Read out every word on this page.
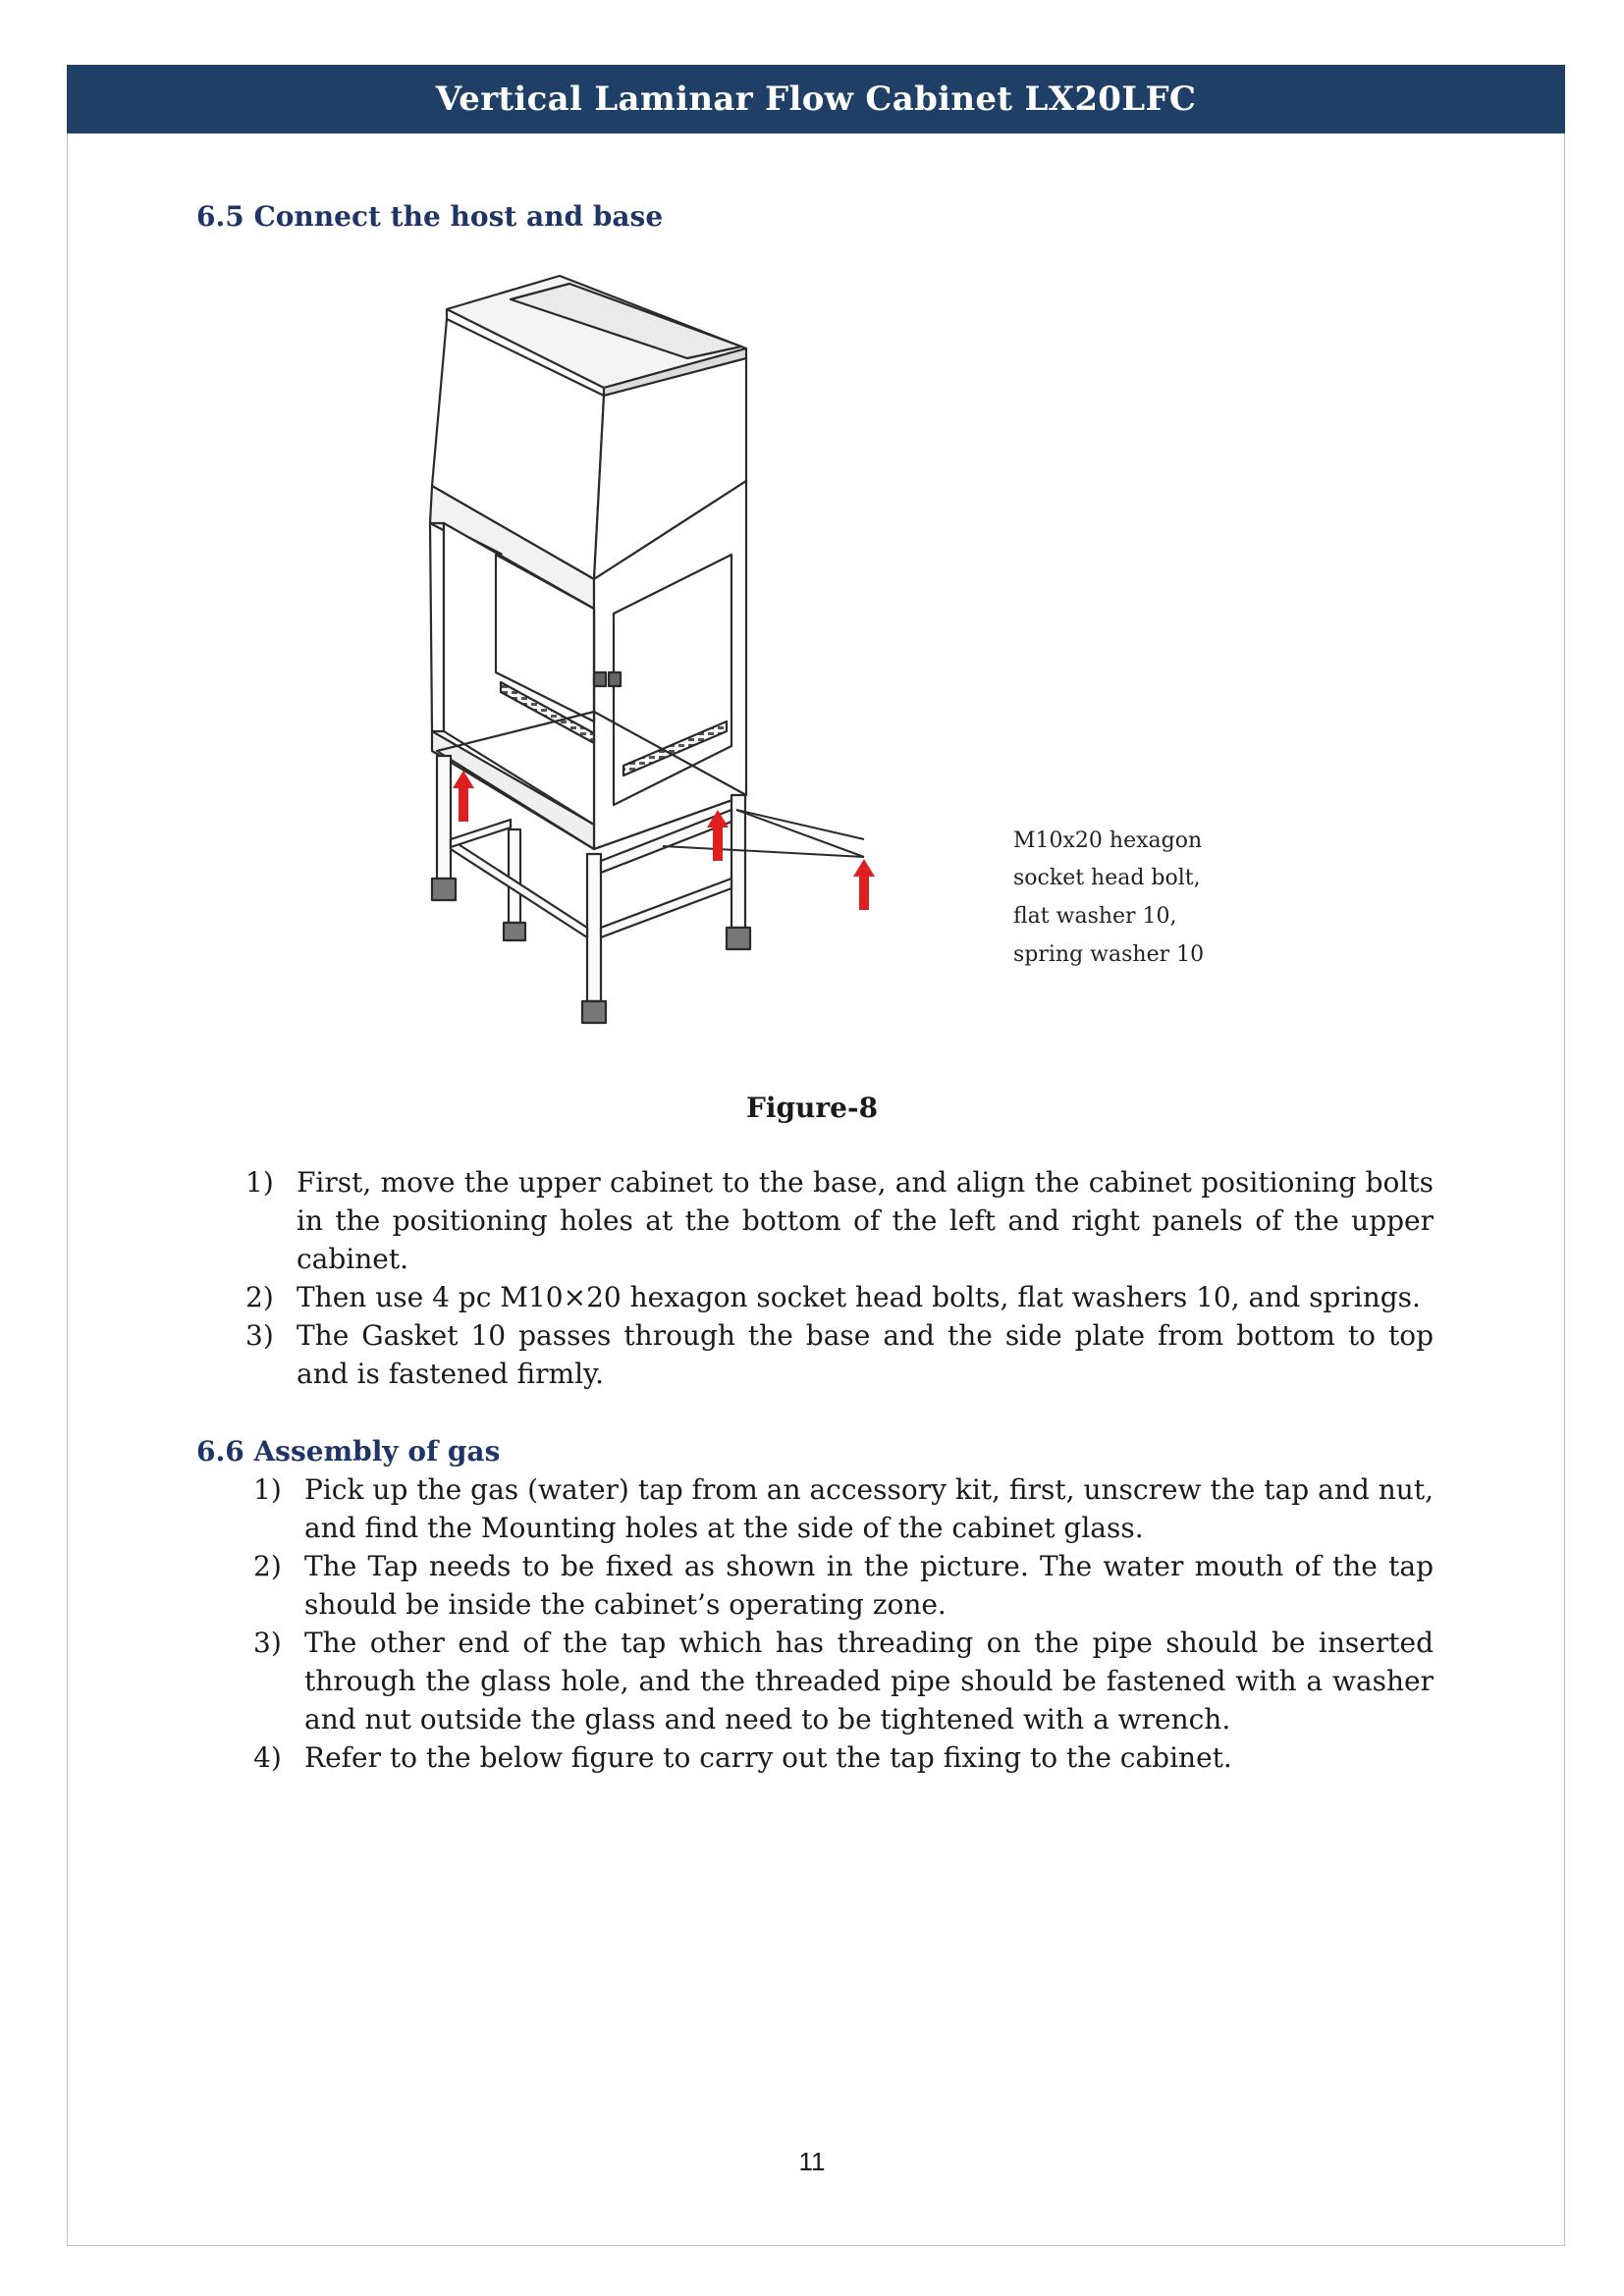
Vertical Laminar Flow Cabinet LX20LFC
6.5 Connect the host and base
M10x20 hexagon
socket head bolt,
flat washer 10,
spring washer 10
Figure-8
1) First, move the upper cabinet to the base, and align the cabinet positioning bolts in the positioning holes at the bottom of the left and right panels of the upper cabinet.
2) Then use 4 pc M10×20 hexagon socket head bolts, flat washers 10, and springs.
3) The Gasket 10 passes through the base and the side plate from bottom to top and is fastened firmly.
6.6 Assembly of gas
1) Pick up the gas (water) tap from an accessory kit, first, unscrew the tap and nut, and find the Mounting holes at the side of the cabinet glass.
2) The Tap needs to be fixed as shown in the picture. The water mouth of the tap should be inside the cabinet’s operating zone.
3) The other end of the tap which has threading on the pipe should be inserted through the glass hole, and the threaded pipe should be fastened with a washer and nut outside the glass and need to be tightened with a wrench.
4) Refer to the below figure to carry out the tap fixing to the cabinet.
11
